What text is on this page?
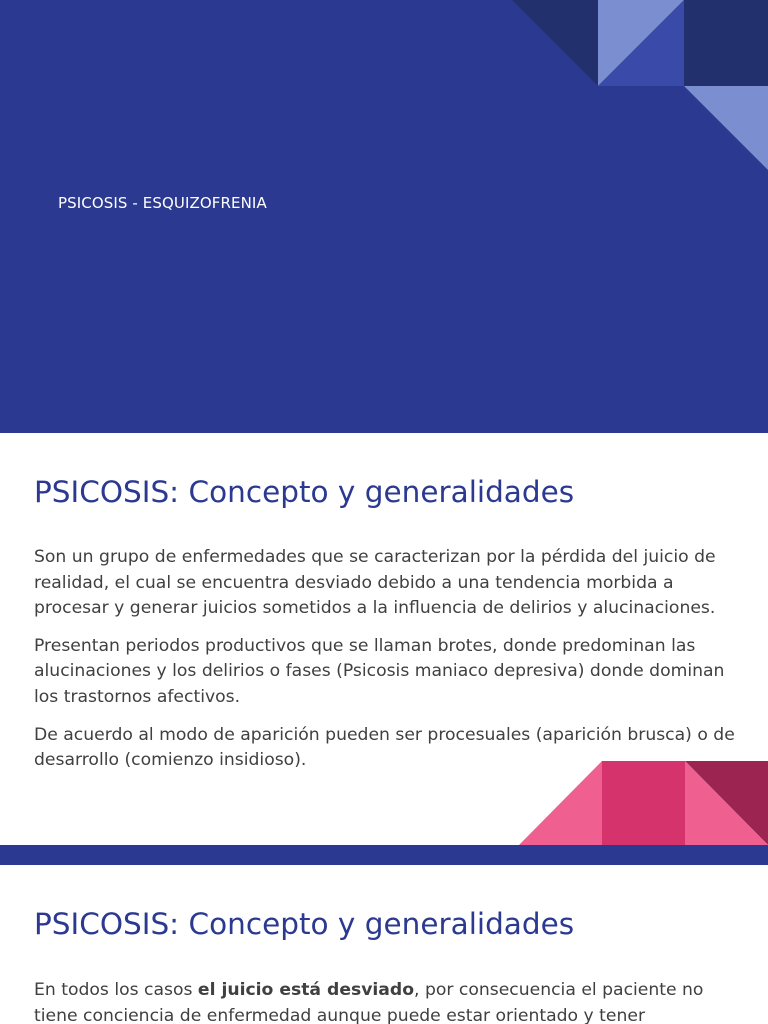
PSICOSIS - ESQUIZOFRENIA
PSICOSIS: Concepto y generalidades

Son un grupo de enfermedades que se caracterizan por la pérdida del juicio de realidad, el cual se encuentra desviado debido a una tendencia morbida a procesar y generar juicios sometidos a la influencia de delirios y alucinaciones.

Presentan periodos productivos que se llaman brotes, donde predominan las alucinaciones y los delirios o fases (Psicosis maniaco depresiva) donde dominan los trastornos afectivos.

De acuerdo al modo de aparición pueden ser procesuales (aparición brusca) o de desarrollo (comienzo insidioso).

PSICOSIS: Concepto y generalidades

En todos los casos el juicio está desviado, por consecuencia el paciente no tiene conciencia de enfermedad aunque puede estar orientado y tener
